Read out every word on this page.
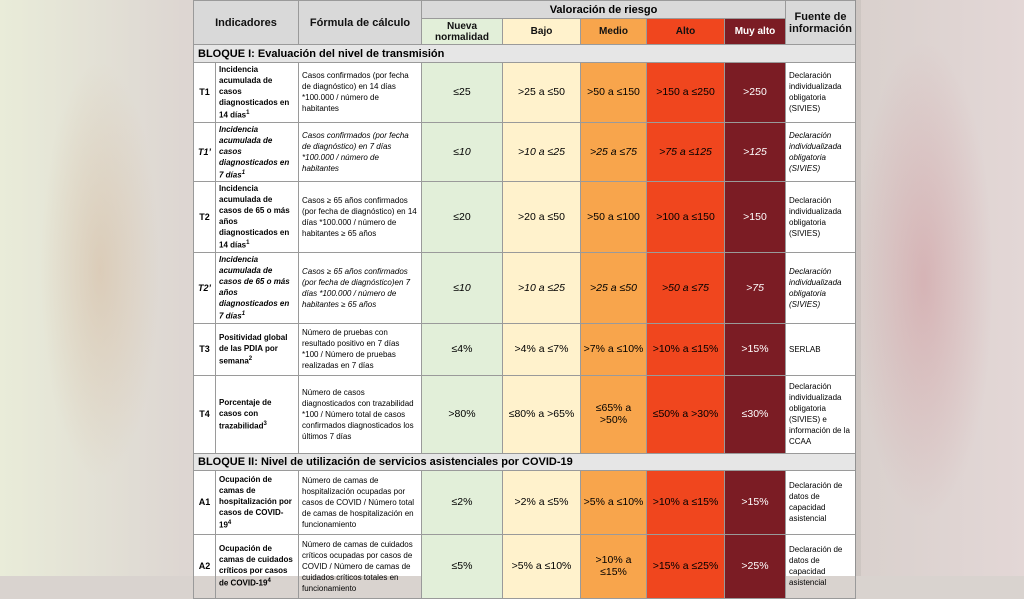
Indicadores		Fórmula de cálculo	Valoración de riesgo					Fuente de información
			Nueva normalidad	Bajo	Medio	Alto	Muy alto	
BLOQUE I: Evaluación del nivel de transmisión								
T1	Incidencia acumulada de casos diagnosticados en 14 días$^1$	Casos confirmados (por fecha de diagnóstico) en 14 días *100.000 / número de habitantes	≤25	>25 a ≤50	>50 a ≤150	>150 a ≤250	>250	Declaración individualizada obligatoria (SIVIES)
T1’	Incidencia acumulada de casos diagnosticados en 7 días$^1$	Casos confirmados (por fecha de diagnóstico) en 7 días *100.000 / número de habitantes	≤10	>10 a ≤25	>25 a ≤75	>75 a ≤125	>125	Declaración individualizada obligatoria (SIVIES)
T2	Incidencia acumulada de casos de 65 o más años diagnosticados en 14 días$^1$	Casos ≥ 65 años confirmados (por fecha de diagnóstico) en 14 días *100.000 / número de habitantes ≥ 65 años	≤20	>20 a ≤50	>50 a ≤100	>100 a ≤150	>150	Declaración individualizada obligatoria (SIVIES)
T2’	Incidencia acumulada de casos de 65 o más años diagnosticados en 7 días$^1$	Casos ≥ 65 años confirmados (por fecha de diagnóstico)en 7 días *100.000 / número de habitantes ≥ 65 años	≤10	>10 a ≤25	>25 a ≤50	>50 a ≤75	>75	Declaración individualizada obligatoria (SIVIES)
T3	Positividad global de las PDIA por semana$^2$	Número de pruebas con resultado positivo en 7 días *100 / Número de pruebas realizadas en 7 días	≤4%	>4% a ≤7%	>7% a ≤10%	>10% a ≤15%	>15%	SERLAB
T4	Porcentaje de casos con trazabilidad$^3$	Número de casos diagnosticados con trazabilidad *100 / Número total de casos confirmados diagnosticados los últimos 7 días	>80%	≤80% a >65%	≤65% a >50%	≤50% a >30%	≤30%	Declaración individualizada obligatoria (SIVIES) e información de la CCAA
BLOQUE II: Nivel de utilización de servicios asistenciales por COVID-19								
A1	Ocupación de camas de hospitalización por casos de COVID-$19^4$	Número de camas de hospitalización ocupadas por casos de COVID / Número total de camas de hospitalización en funcionamiento	≤2%	>2% a ≤5%	>5% a ≤10%	>10% a ≤15%	>15%	Declaración de datos de capacidad asistencial
A2	Ocupación de camas de cuidados críticos por casos de COVID-$19^4$	Número de camas de cuidados críticos ocupadas por casos de COVID / Número de camas de cuidados críticos totales en funcionamiento	≤5%	>5% a ≤10%	>10% a ≤15%	>15% a ≤25%	>25%	Declaración de datos de capacidad asistencial
